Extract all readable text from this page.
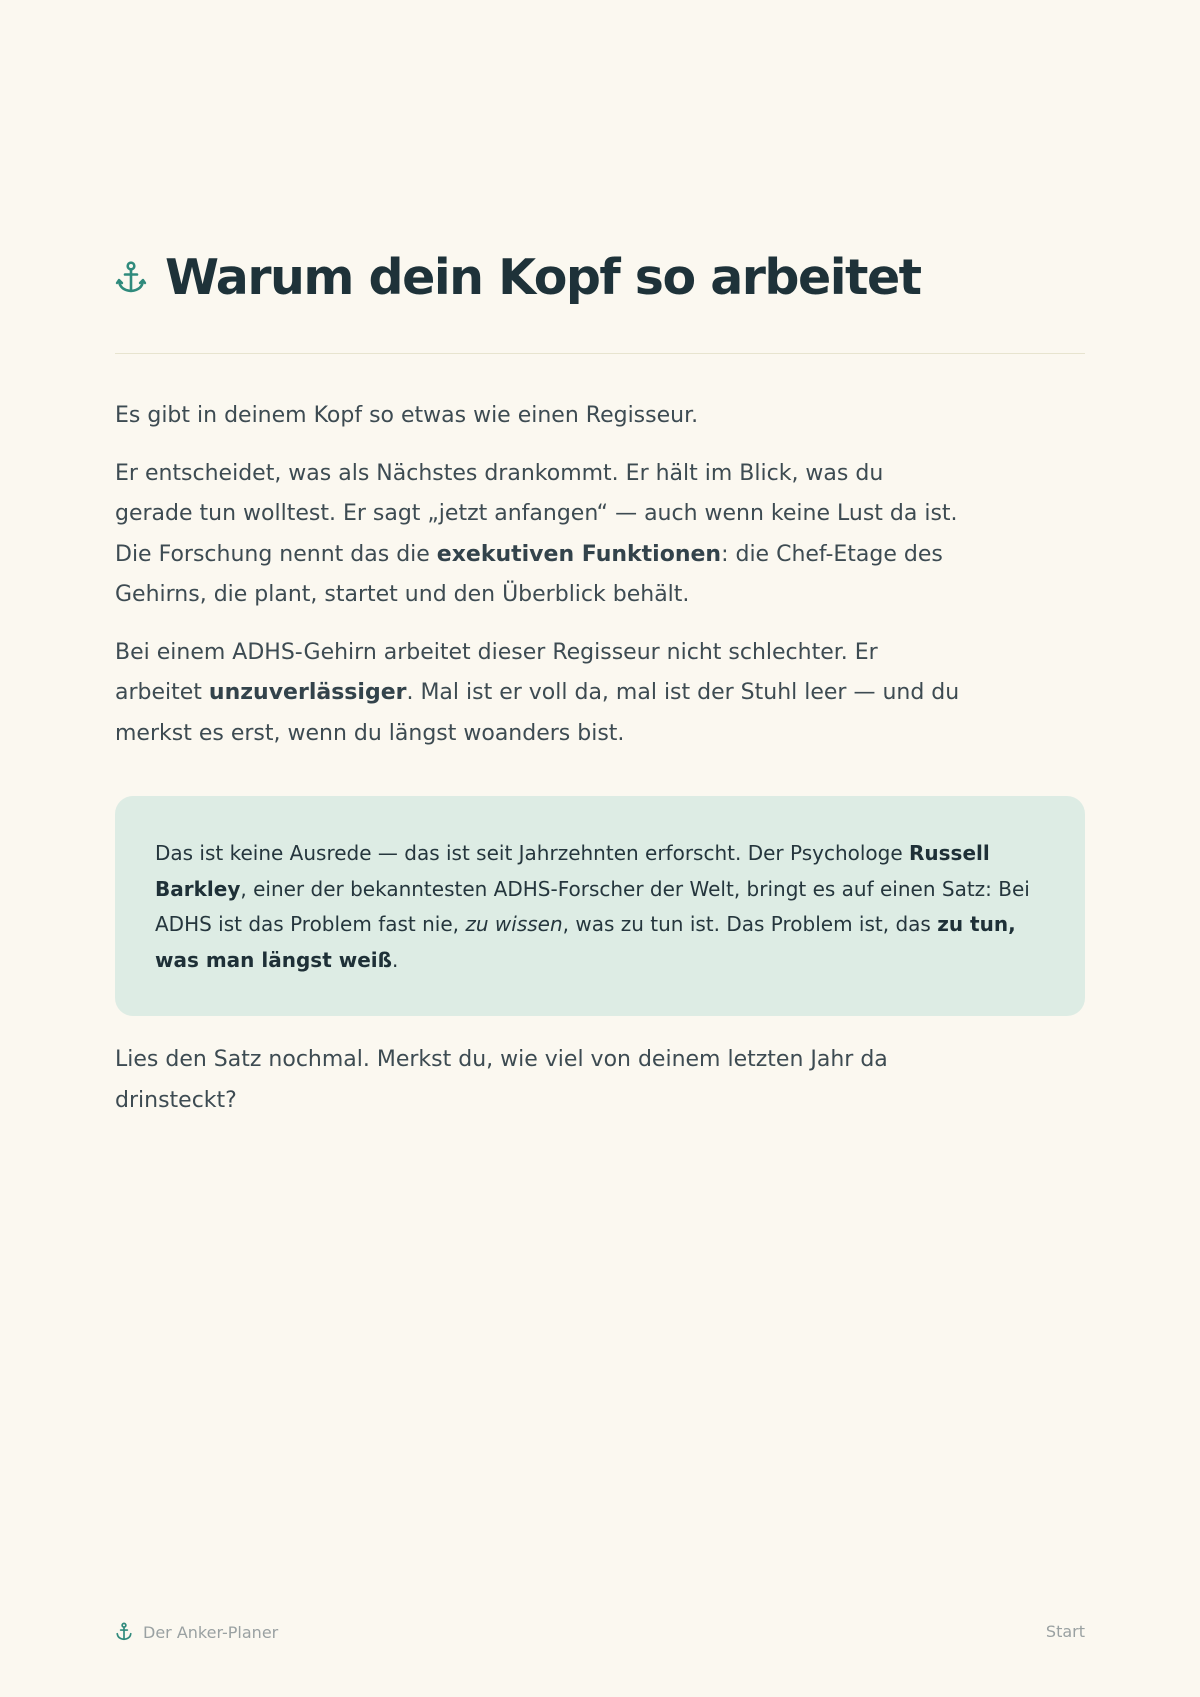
Warum dein Kopf so arbeitet

Es gibt in deinem Kopf so etwas wie einen Regisseur.

Er entscheidet, was als Nächstes drankommt. Er hält im Blick, was du gerade tun wolltest. Er sagt „jetzt anfangen“ — auch wenn keine Lust da ist. Die Forschung nennt das die exekutiven Funktionen: die Chef-Etage des Gehirns, die plant, startet und den Überblick behält.

Bei einem ADHS-Gehirn arbeitet dieser Regisseur nicht schlechter. Er arbeitet unzuverlässiger. Mal ist er voll da, mal ist der Stuhl leer — und du merkst es erst, wenn du längst woanders bist.

Das ist keine Ausrede — das ist seit Jahrzehnten erforscht. Der Psychologe Russell Barkley, einer der bekanntesten ADHS-Forscher der Welt, bringt es auf einen Satz: Bei ADHS ist das Problem fast nie, zu wissen, was zu tun ist. Das Problem ist, das zu tun, was man längst weiß.

Lies den Satz nochmal. Merkst du, wie viel von deinem letzten Jahr da drinsteckt?

Der Anker-Planer	Start
